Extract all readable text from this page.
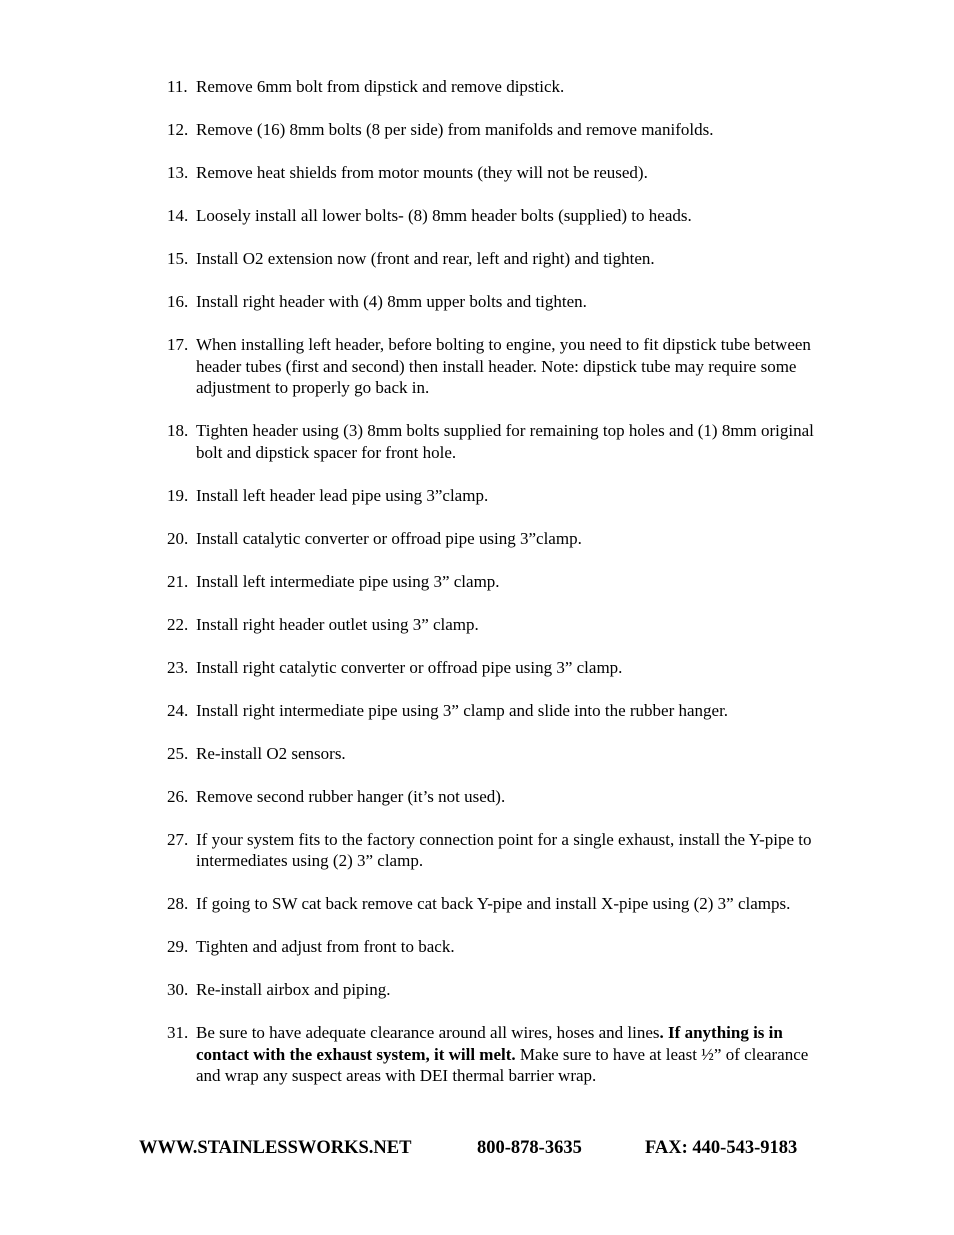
11. Remove 6mm bolt from dipstick and remove dipstick.
12. Remove (16) 8mm bolts (8 per side) from manifolds and remove manifolds.
13. Remove heat shields from motor mounts (they will not be reused).
14. Loosely install all lower bolts- (8) 8mm header bolts (supplied) to heads.
15. Install O2 extension now (front and rear, left and right) and tighten.
16. Install right header with (4) 8mm upper bolts and tighten.
17. When installing left header, before bolting to engine, you need to fit dipstick tube between header tubes (first and second) then install header. Note: dipstick tube may require some adjustment to properly go back in.
18. Tighten header using (3) 8mm bolts supplied for remaining top holes and (1) 8mm original bolt and dipstick spacer for front hole.
19. Install left header lead pipe using 3”clamp.
20. Install catalytic converter or offroad pipe using 3”clamp.
21. Install left intermediate pipe using 3” clamp.
22. Install right header outlet using 3” clamp.
23. Install right catalytic converter or offroad pipe using 3” clamp.
24. Install right intermediate pipe using 3” clamp and slide into the rubber hanger.
25. Re-install O2 sensors.
26. Remove second rubber hanger (it’s not used).
27. If your system fits to the factory connection point for a single exhaust, install the Y-pipe to intermediates using (2) 3” clamp.
28. If going to SW cat back remove cat back Y-pipe and install X-pipe using (2) 3” clamps.
29. Tighten and adjust from front to back.
30. Re-install airbox and piping.
31. Be sure to have adequate clearance around all wires, hoses and lines. If anything is in contact with the exhaust system, it will melt. Make sure to have at least ½” of clearance and wrap any suspect areas with DEI thermal barrier wrap.
WWW.STAINLESSWORKS.NET	800-878-3635	FAX: 440-543-9183
